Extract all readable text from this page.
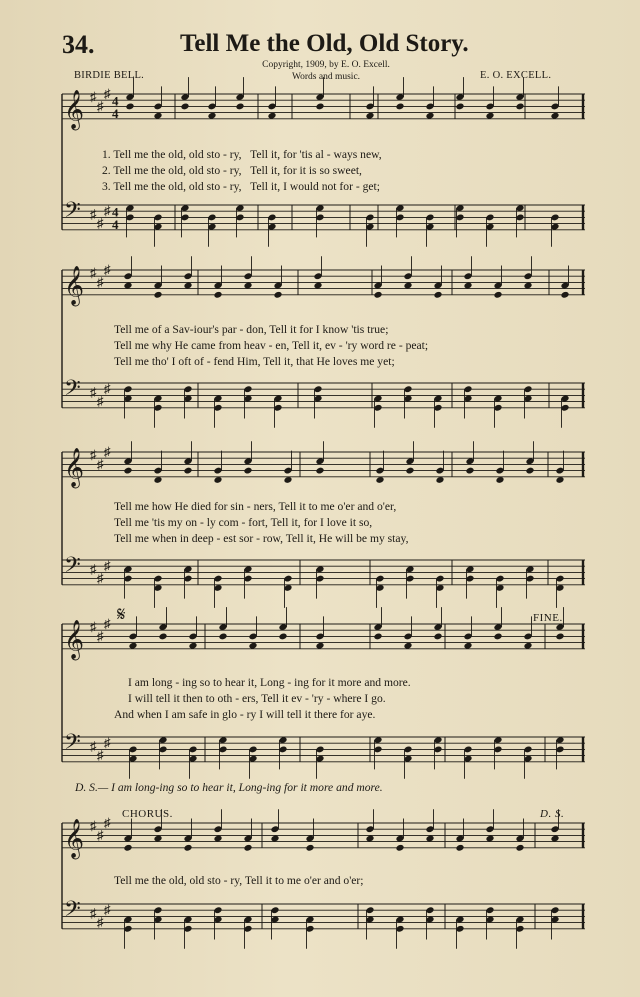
34.	Tell Me the Old, Old Story.
BIRDIE BELL.
Copyright, 1909, by E. O. Excell.
Words and music.	E. O. EXCELL.
♯
♯
♯
𝄞
♯
♯
♯
𝄢
4
4
4
4
♯
♯
♯
𝄞
♯
♯
♯
𝄢
♯
♯
♯
𝄞
♯
♯
♯
𝄢
♯
♯
♯
𝄞
♯
♯
♯
𝄢
♯
♯
♯
𝄞
♯
♯
♯
𝄢
1. Tell me the old, old sto - ry,   Tell it, for 'tis al - ways new,
2. Tell me the old, old sto - ry,   Tell it, for it is so sweet,
3. Tell me the old, old sto - ry,   Tell it, I would not for - get;
Tell me of a Sav-iour's par - don, Tell it for I know 'tis true;
Tell me why He came from heav - en, Tell it, ev - 'ry word re - peat;
Tell me tho' I oft of - fend Him, Tell it, that He loves me yet;
Tell me how He died for sin - ners, Tell it to me o'er and o'er,
Tell me 'tis my on - ly com - fort, Tell it, for I love it so,
Tell me when in deep - est sor - row, Tell it, He will be my stay,
I am long - ing so to hear it, Long - ing for it more and more.
I will tell it then to oth - ers, Tell it ev - 'ry - where I go.
And when I am safe in glo - ry I will tell it there for aye.
D. S.— I am long-ing so to hear it, Long-ing for it more and more.
Tell me the old, old sto - ry, Tell it to me o'er and o'er;
FINE.
𝄋
CHORUS.	D. S.
